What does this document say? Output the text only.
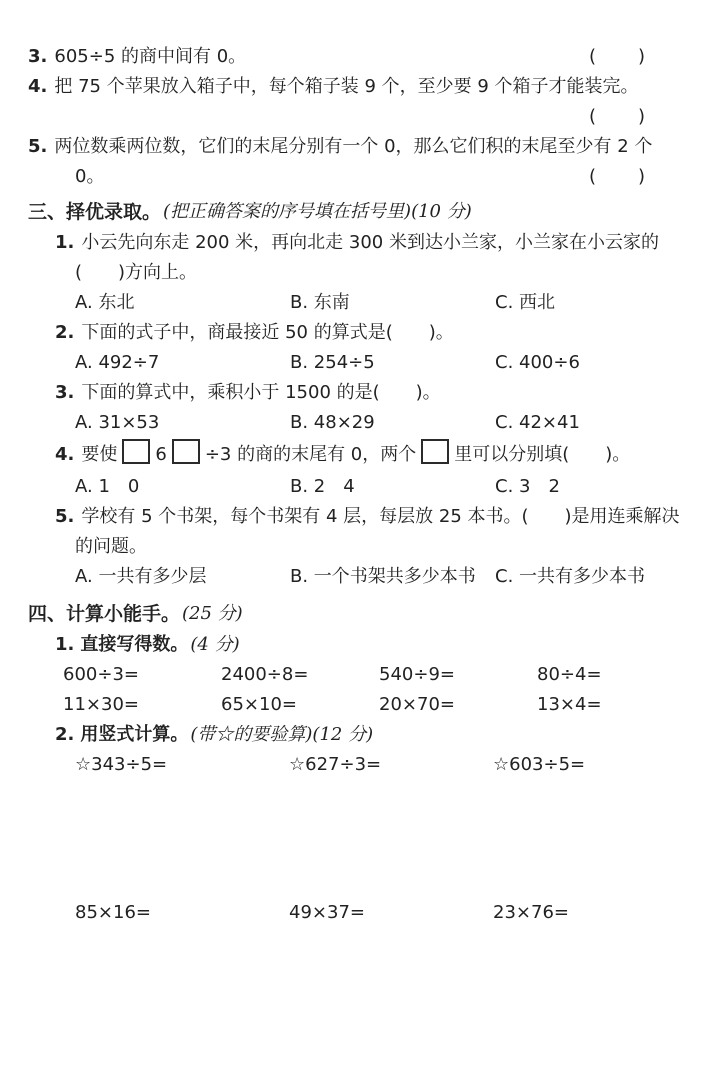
3. 605÷5 的商中间有 0。	(　　)
4. 把 75 个苹果放入箱子中，每个箱子装 9 个，至少要 9 个箱子才能装完。
(　　)
5. 两位数乘两位数，它们的末尾分别有一个 0，那么它们积的末尾至少有 2 个
0。	(　　)
三、 择优录取。 (把正确答案的序号填在括号里)(10 分)
1. 小云先向东走 200 米，再向北走 300 米到达小兰家，小兰家在小云家的
(　　)方向上。
A. 东北	B. 东南	C. 西北
2. 下面的式子中，商最接近 50 的算式是(　　)。
A. 492÷7	B. 254÷5	C. 400÷6
3. 下面的算式中，乘积小于 1500 的是(　　)。
A. 31×53	B. 48×29	C. 42×41
4. 要使 6 ÷3 的商的末尾有 0，两个 里可以分别填(　　)。
A. 1　0	B. 2　4	C. 3　2
5. 学校有 5 个书架，每个书架有 4 层，每层放 25 本书。(　　)是用连乘解决
的问题。
A. 一共有多少层	B. 一个书架共多少本书	C. 一共有多少本书
四、 计算小能手。 (25 分)
1. 直接写得数。 (4 分)
600÷3=	2400÷8=	540÷9=	80÷4=
11×30=	65×10=	20×70=	13×4=
2. 用竖式计算。 (带☆的要验算)(12 分)
☆343÷5=	☆627÷3=	☆603÷5=
85×16=	49×37=	23×76=
